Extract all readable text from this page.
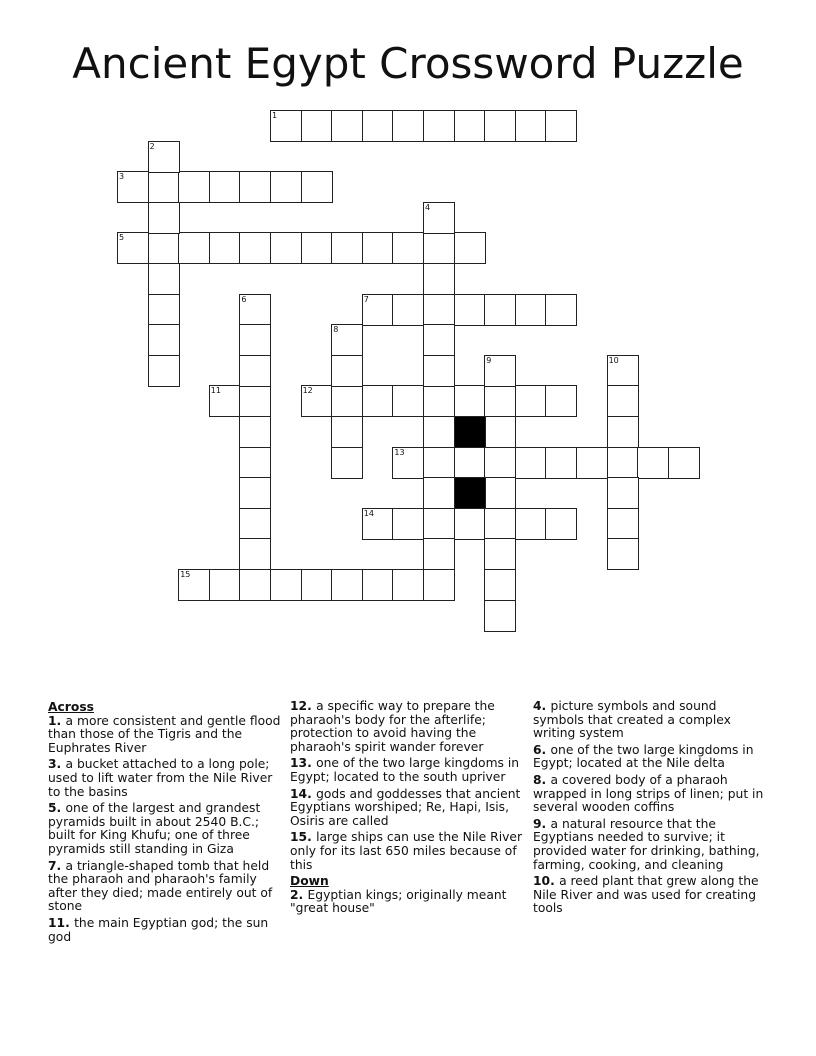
Ancient Egypt Crossword Puzzle
1
3
5
7
11	12
13
14
15
2
4
6
8
9	10
Across
1. a more consistent and gentle flood than those of the Tigris and the Euphrates River
3. a bucket attached to a long pole; used to lift water from the Nile River to the basins
5. one of the largest and grandest pyramids built in about 2540 B.C.; built for King Khufu; one of three pyramids still standing in Giza
7. a triangle-shaped tomb that held the pharaoh and pharaoh's family after they died; made entirely out of stone
11. the main Egyptian god; the sun god
12. a specific way to prepare the pharaoh's body for the afterlife; protection to avoid having the pharaoh's spirit wander forever
13. one of the two large kingdoms in Egypt; located to the south upriver
14. gods and goddesses that ancient Egyptians worshiped; Re, Hapi, Isis, Osiris are called
15. large ships can use the Nile River only for its last 650 miles because of this
Down
2. Egyptian kings; originally meant "great house"
4. picture symbols and sound symbols that created a complex writing system
6. one of the two large kingdoms in Egypt; located at the Nile delta
8. a covered body of a pharaoh wrapped in long strips of linen; put in several wooden coffins
9. a natural resource that the Egyptians needed to survive; it provided water for drinking, bathing, farming, cooking, and cleaning
10. a reed plant that grew along the Nile River and was used for creating tools
